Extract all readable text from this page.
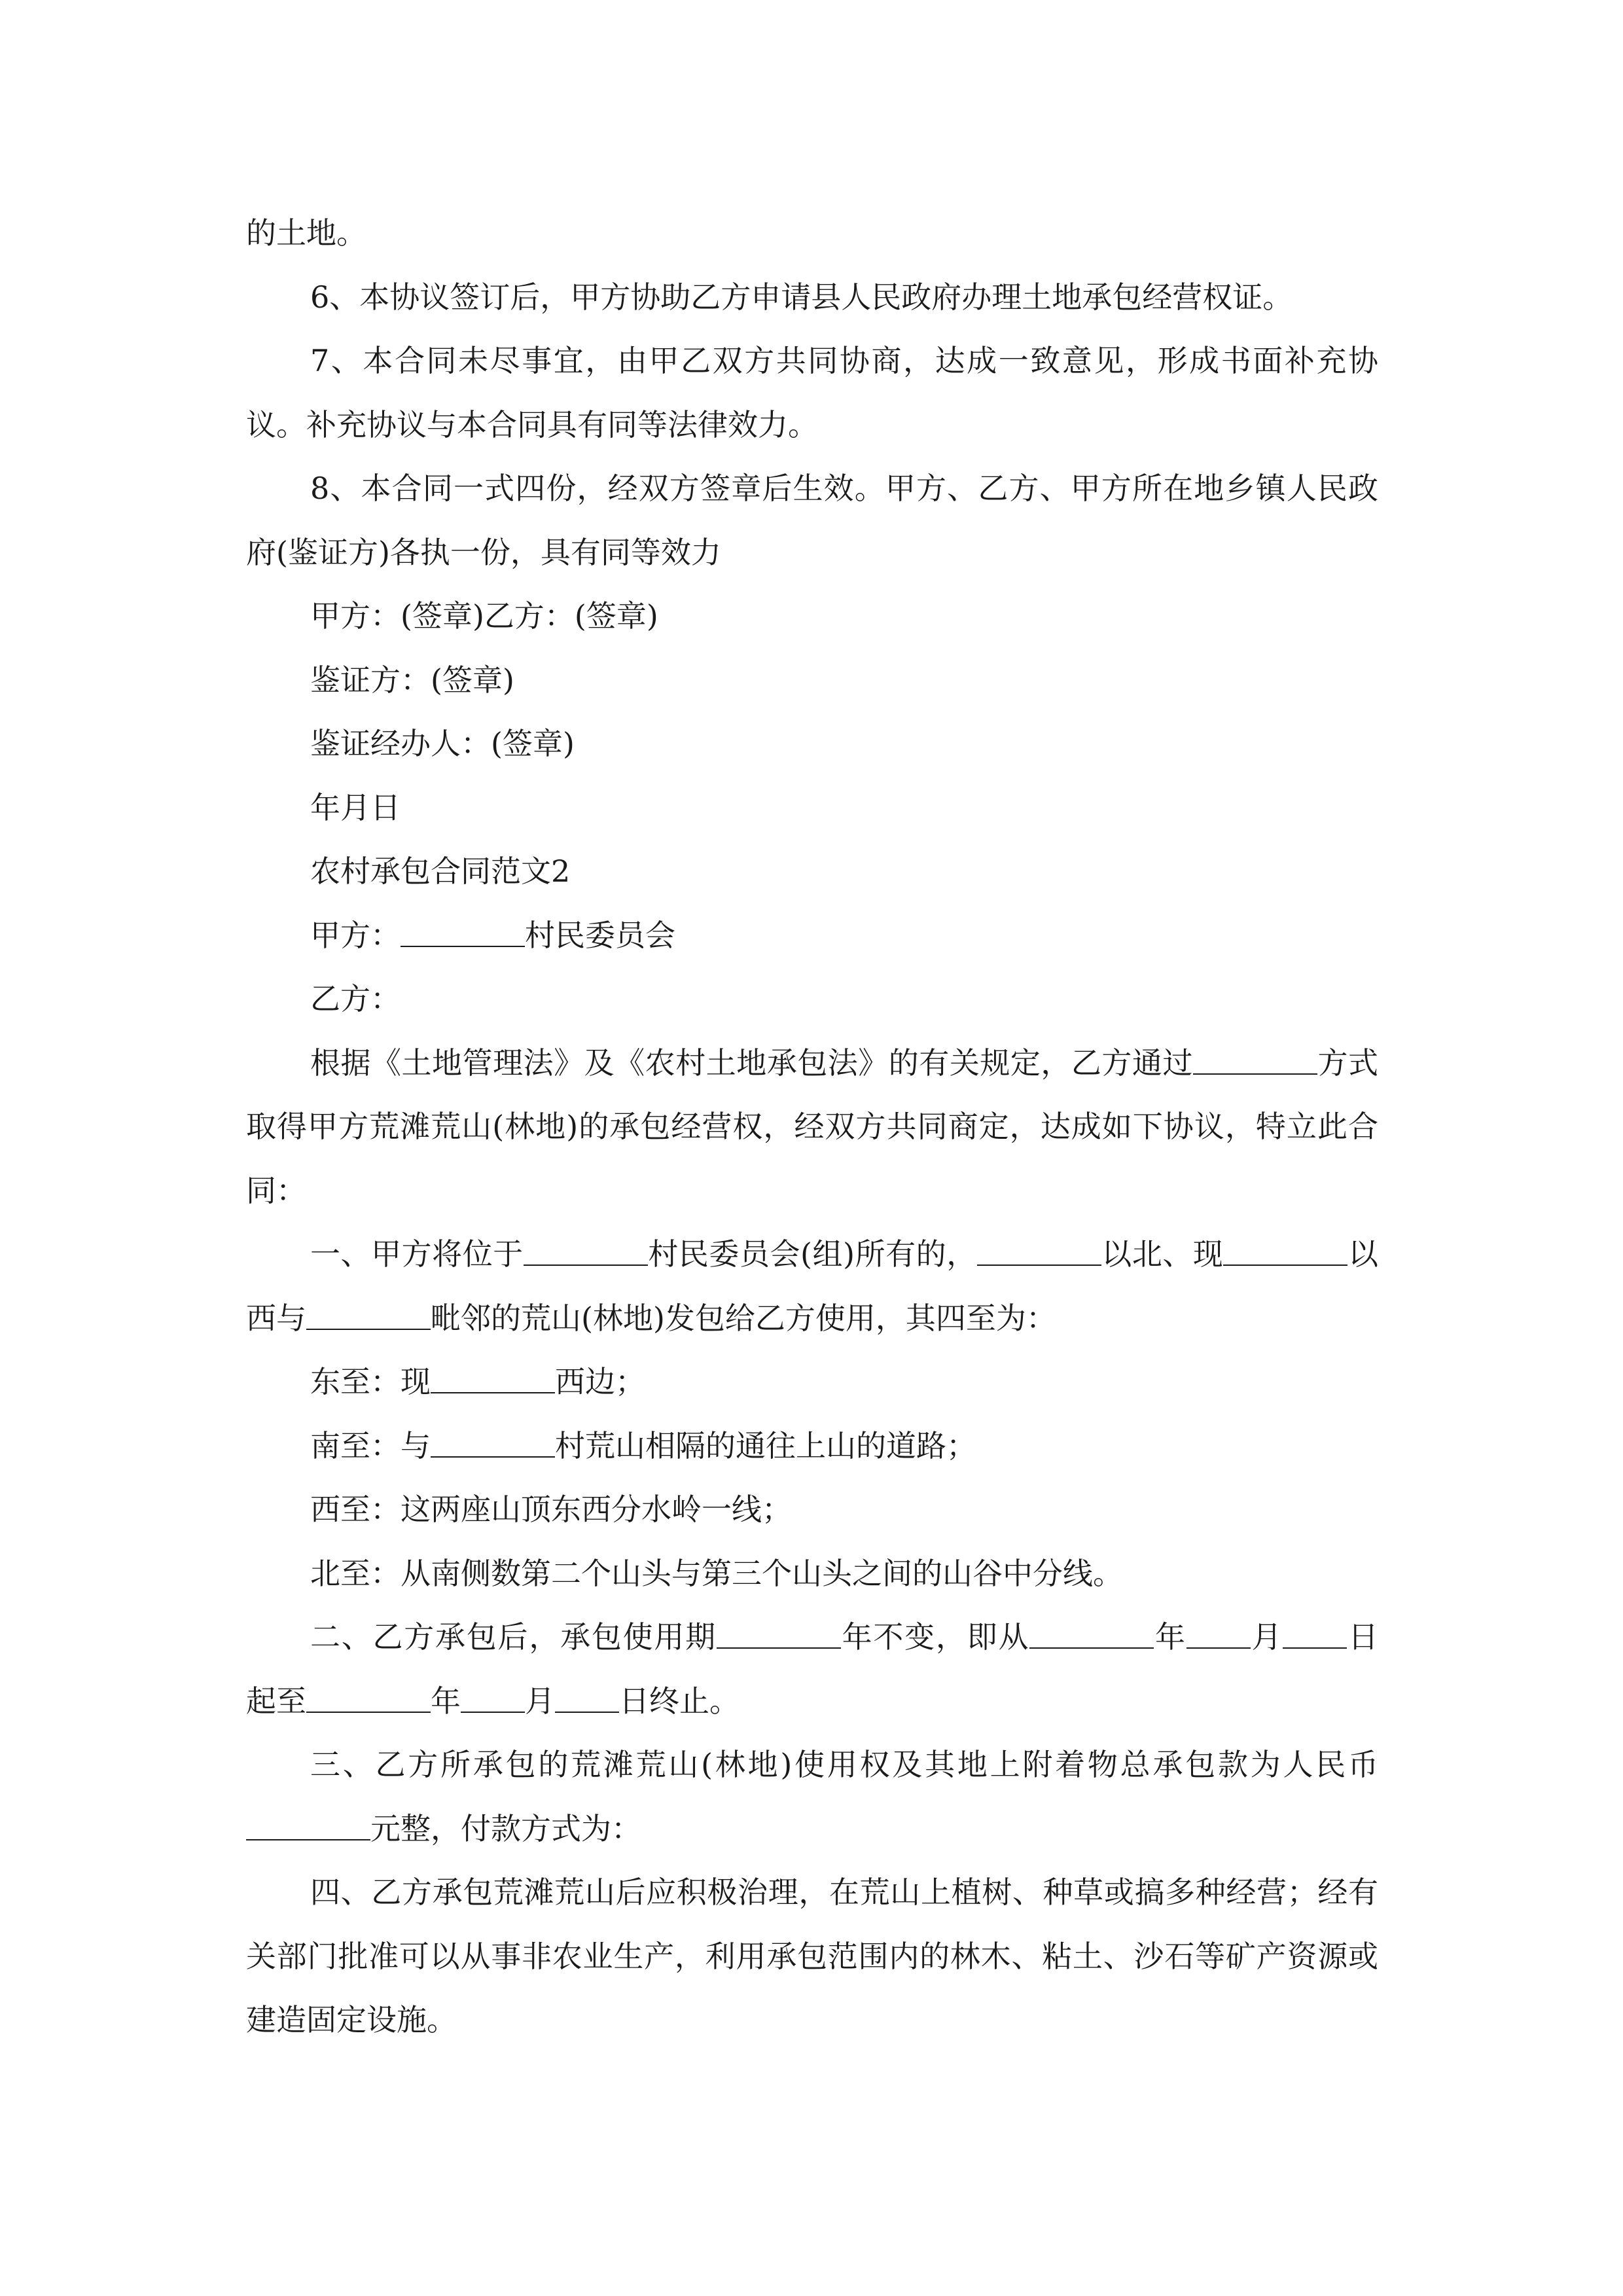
的土地。

6、本协议签订后，甲方协助乙方申请县人民政府办理土地承包经营权证。

7、本合同未尽事宜，由甲乙双方共同协商，达成一致意见，形成书面补充协议。补充协议与本合同具有同等法律效力。

8、本合同一式四份，经双方签章后生效。甲方、乙方、甲方所在地乡镇人民政府(鉴证方)各执一份，具有同等效力

甲方：(签章)乙方：(签章)

鉴证方：(签章)

鉴证经办人：(签章)

年月日

农村承包合同范文2

甲方：	村民委员会

乙方：

根据《土地管理法》及《农村土地承包法》的有关规定，乙方通过	方式取得甲方荒滩荒山(林地)的承包经营权，经双方共同商定，达成如下协议，特立此合同：

一、甲方将位于	村民委员会(组)所有的，	以北、现	以西与	毗邻的荒山(林地)发包给乙方使用，其四至为：

东至：现	西边；

南至：与	村荒山相隔的通往上山的道路；

西至：这两座山顶东西分水岭一线；

北至：从南侧数第二个山头与第三个山头之间的山谷中分线。

二、乙方承包后，承包使用期	年不变，即从	年 月 日起至	年 月 日终止。

三、乙方所承包的荒滩荒山(林地)使用权及其地上附着物总承包款为人民币元整，付款方式为：

四、乙方承包荒滩荒山后应积极治理，在荒山上植树、种草或搞多种经营；经有关部门批准可以从事非农业生产，利用承包范围内的林木、粘土、沙石等矿产资源或建造固定设施。
